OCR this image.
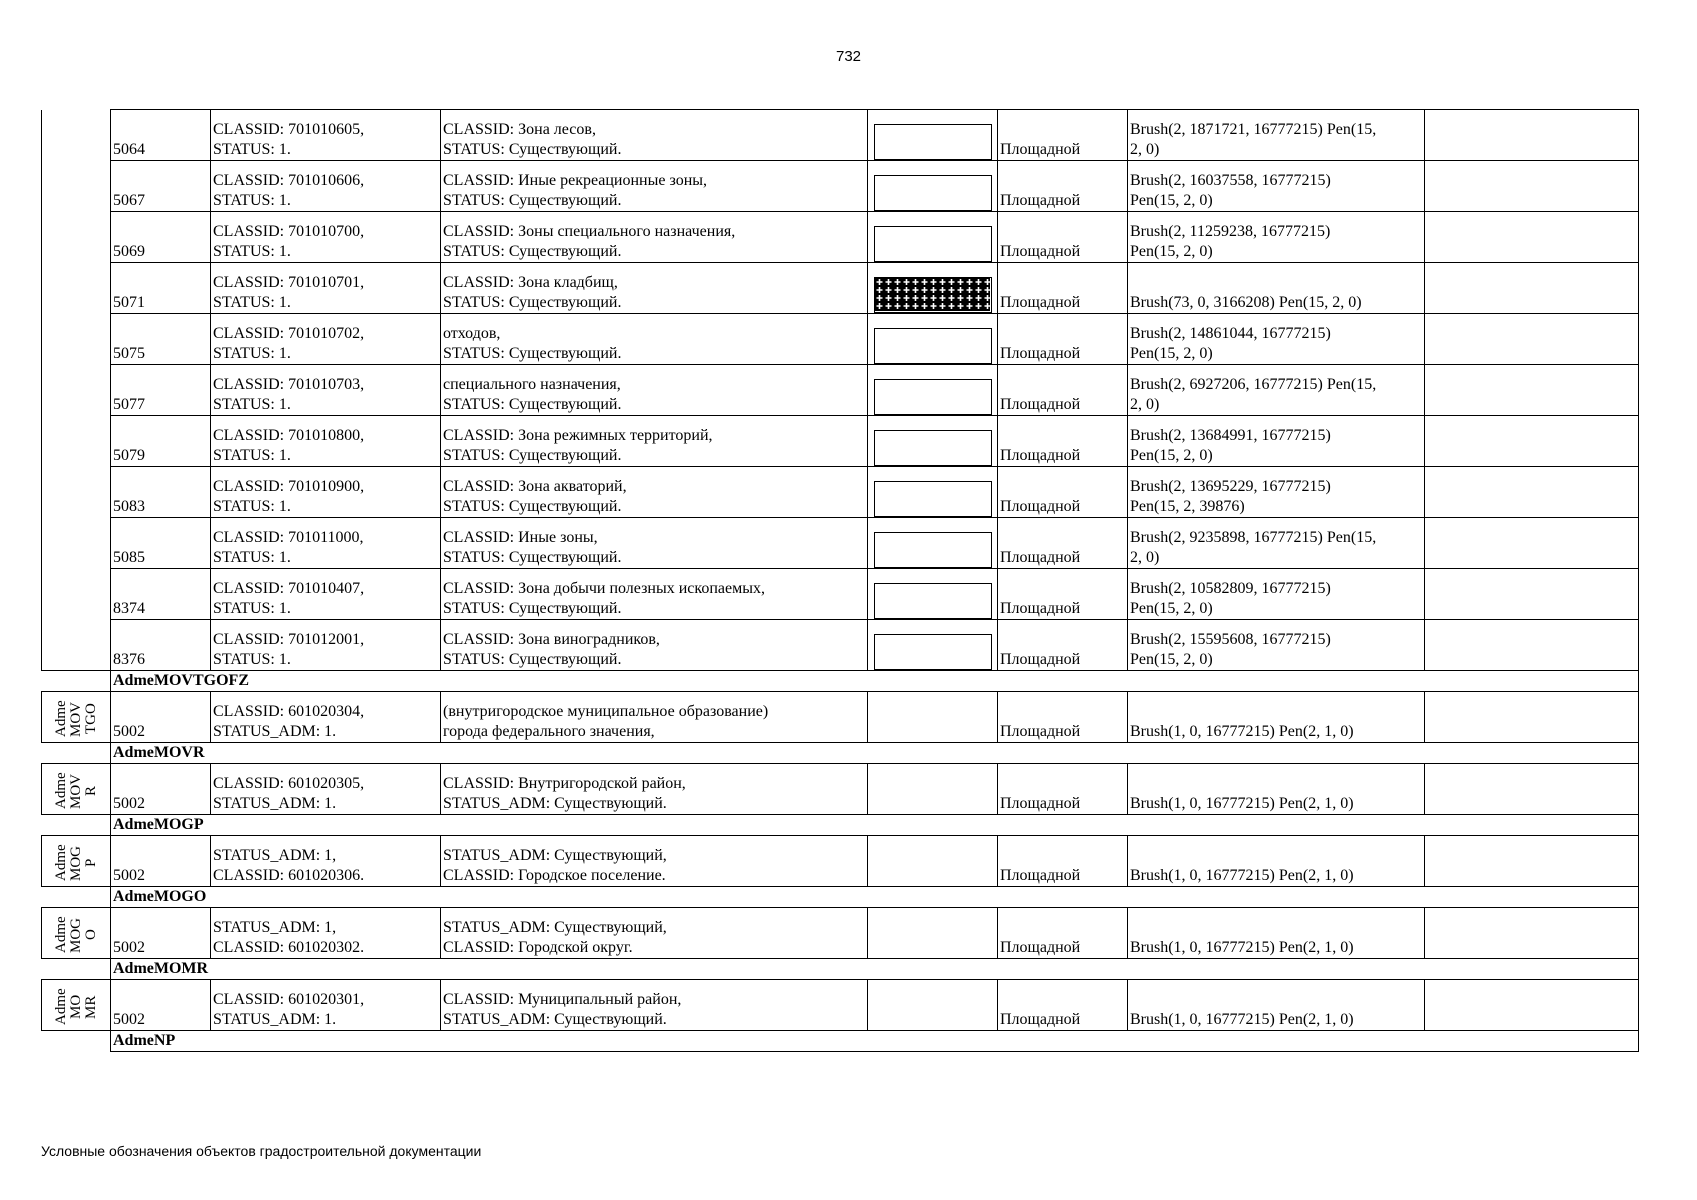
732
	5064	CLASSID: 701010605,
STATUS: 1.	CLASSID: Зона лесов,
STATUS: Существующий.		Площадной	Brush(2, 1871721, 16777215) Pen(15,
2, 0)	
	5067	CLASSID: 701010606,
STATUS: 1.	CLASSID: Иные рекреационные зоны,
STATUS: Существующий.		Площадной	Brush(2, 16037558, 16777215)
Pen(15, 2, 0)	
	5069	CLASSID: 701010700,
STATUS: 1.	CLASSID: Зоны специального назначения,
STATUS: Существующий.		Площадной	Brush(2, 11259238, 16777215)
Pen(15, 2, 0)	
	5071	CLASSID: 701010701,
STATUS: 1.	CLASSID: Зона кладбищ,
STATUS: Существующий.		Площадной	Brush(73, 0, 3166208) Pen(15, 2, 0)	
	5075	CLASSID: 701010702,
STATUS: 1.	отходов,
STATUS: Существующий.		Площадной	Brush(2, 14861044, 16777215)
Pen(15, 2, 0)	
	5077	CLASSID: 701010703,
STATUS: 1.	специального назначения,
STATUS: Существующий.		Площадной	Brush(2, 6927206, 16777215) Pen(15,
2, 0)	
	5079	CLASSID: 701010800,
STATUS: 1.	CLASSID: Зона режимных территорий,
STATUS: Существующий.		Площадной	Brush(2, 13684991, 16777215)
Pen(15, 2, 0)	
	5083	CLASSID: 701010900,
STATUS: 1.	CLASSID: Зона акваторий,
STATUS: Существующий.		Площадной	Brush(2, 13695229, 16777215)
Pen(15, 2, 39876)	
	5085	CLASSID: 701011000,
STATUS: 1.	CLASSID: Иные зоны,
STATUS: Существующий.		Площадной	Brush(2, 9235898, 16777215) Pen(15,
2, 0)	
	8374	CLASSID: 701010407,
STATUS: 1.	CLASSID: Зона добычи полезных ископаемых,
STATUS: Существующий.		Площадной	Brush(2, 10582809, 16777215)
Pen(15, 2, 0)	
	8376	CLASSID: 701012001,
STATUS: 1.	CLASSID: Зона виноградников,
STATUS: Существующий.		Площадной	Brush(2, 15595608, 16777215)
Pen(15, 2, 0)	
	AdmeMOVTGOFZ						

Adme
MOV
TGO	5002	CLASSID: 601020304,
STATUS_ADM: 1.	(внутригородское муниципальное образование)
города федерального значения,		Площадной	Brush(1, 0, 16777215) Pen(2, 1, 0)	
	AdmeMOVR						

Adme
MOV
R	5002	CLASSID: 601020305,
STATUS_ADM: 1.	CLASSID: Внутригородской район,
STATUS_ADM: Существующий.		Площадной	Brush(1, 0, 16777215) Pen(2, 1, 0)	
	AdmeMOGP						

Adme
MOG
P	5002	STATUS_ADM: 1,
CLASSID: 601020306.	STATUS_ADM: Существующий,
CLASSID: Городское поселение.		Площадной	Brush(1, 0, 16777215) Pen(2, 1, 0)	
	AdmeMOGO						

Adme
MOG
O	5002	STATUS_ADM: 1,
CLASSID: 601020302.	STATUS_ADM: Существующий,
CLASSID: Городской округ.		Площадной	Brush(1, 0, 16777215) Pen(2, 1, 0)	
	AdmeMOMR						

Adme
MO
MR	5002	CLASSID: 601020301,
STATUS_ADM: 1.	CLASSID: Муниципальный район,
STATUS_ADM: Существующий.		Площадной	Brush(1, 0, 16777215) Pen(2, 1, 0)	
	AdmeNP						
Условные обозначения объектов градостроительной документации
